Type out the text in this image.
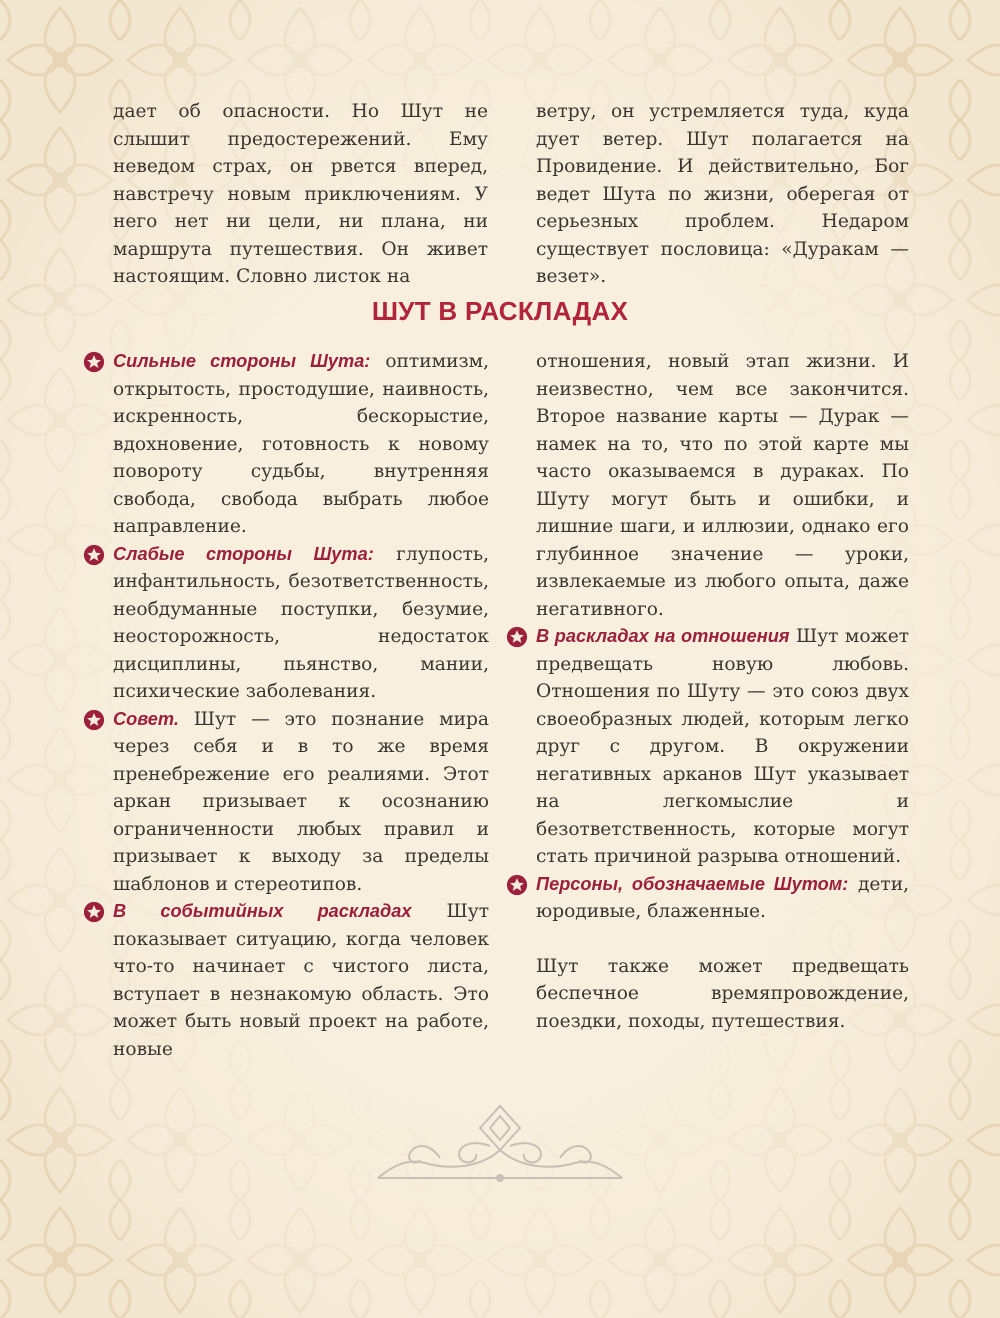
дает об опасности. Но Шут не слышит предостережений. Ему неведом страх, он рвется вперед, навстречу новым приключениям. У него нет ни цели, ни плана, ни маршрута путешествия. Он живет настоящим. Словно листок на

ветру, он устремляется туда, куда дует ветер. Шут полагается на Провидение. И действительно, Бог ведет Шута по жизни, оберегая от серьезных проблем. Недаром существует пословица: «Дуракам — везет».

ШУТ В РАСКЛАДАХ

Сильные стороны Шута: оптимизм, открытость, простодушие, наивность, искренность, бескорыстие, вдохновение, готовность к новому повороту судьбы, внутренняя свобода, свобода выбрать любое направление.

Слабые стороны Шута: глупость, инфантильность, безответственность, необдуманные поступки, безумие, неосторожность, недостаток дисциплины, пьянство, мании, психические заболевания.

Совет. Шут — это познание мира через себя и в то же время пренебрежение его реалиями. Этот аркан призывает к осознанию ограниченности любых правил и призывает к выходу за пределы шаблонов и стереотипов.

В событийных раскладах Шут показывает ситуацию, когда человек что-то начинает с чистого листа, вступает в незнакомую область. Это может быть новый проект на работе, новые

отношения, новый этап жизни. И неизвестно, чем все закончится. Второе название карты — Дурак — намек на то, что по этой карте мы часто оказываемся в дураках. По Шуту могут быть и ошибки, и лишние шаги, и иллюзии, однако его глубинное значение — уроки, извлекаемые из любого опыта, даже негативного.

В раскладах на отношения Шут может предвещать новую любовь. Отношения по Шуту — это союз двух своеобразных людей, которым легко друг с другом. В окружении негативных арканов Шут указывает на легкомыслие и безответственность, которые могут стать причиной разрыва отношений.

Персоны, обозначаемые Шутом: дети, юродивые, блаженные.

Шут также может предвещать беспечное времяпровождение, поездки, походы, путешествия.
